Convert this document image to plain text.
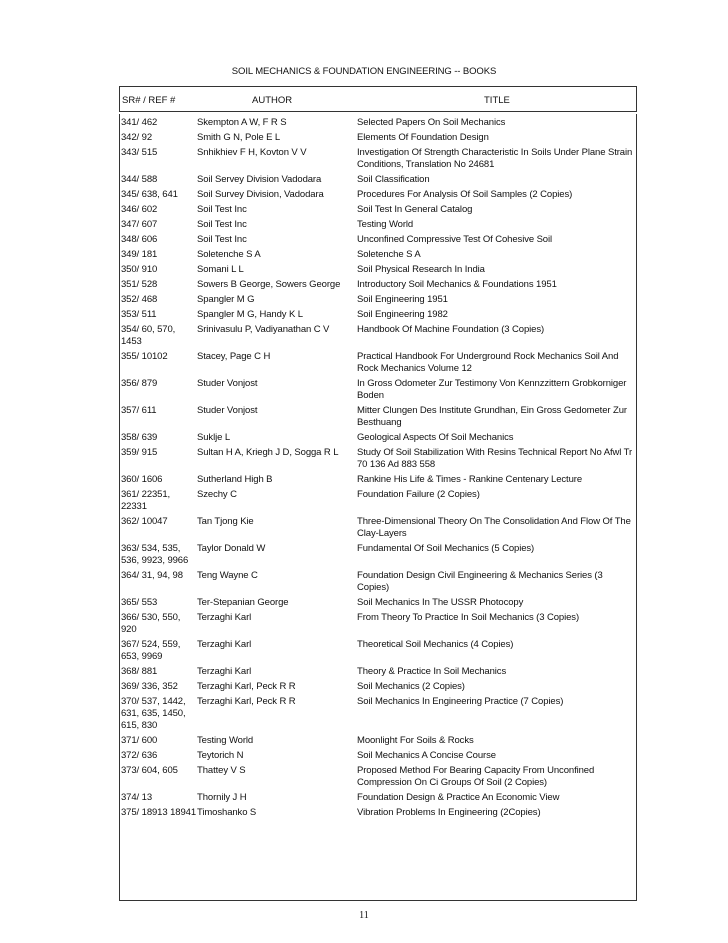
SOIL MECHANICS & FOUNDATION ENGINEERING -- BOOKS
SR# / REF #	AUTHOR	TITLE
341/ 462	Skempton A W, F R S	Selected Papers On Soil Mechanics
342/ 92	Smith G N, Pole E L	Elements Of Foundation Design
343/ 515	Snhikhiev F H, Kovton V V	Investigation Of Strength Characteristic In Soils Under Plane Strain Conditions, Translation No 24681
344/ 588	Soil Servey Division Vadodara	Soil Classification
345/ 638, 641	Soil Survey Division, Vadodara	Procedures For Analysis Of Soil Samples (2 Copies)
346/ 602	Soil Test Inc	Soil Test In General Catalog
347/ 607	Soil Test Inc	Testing World
348/ 606	Soil Test Inc	Unconfined Compressive Test Of Cohesive Soil
349/ 181	Soletenche S A	Soletenche S A
350/ 910	Somani L L	Soil Physical Research In India
351/ 528	Sowers B George, Sowers George	Introductory Soil Mechanics & Foundations 1951
352/ 468	Spangler M G	Soil Engineering 1951
353/ 511	Spangler M G, Handy K L	Soil Engineering 1982
354/ 60, 570, 1453	Srinivasulu P, Vadiyanathan C V	Handbook Of Machine Foundation (3 Copies)
355/ 10102	Stacey, Page C H	Practical Handbook For Underground Rock Mechanics Soil And Rock Mechanics Volume 12
356/ 879	Studer Vonjost	In Gross Odometer Zur Testimony Von Kennzzittern Grobkorniger Boden
357/ 611	Studer Vonjost	Mitter Clungen Des Institute Grundhan, Ein Gross Gedometer Zur Besthuang
358/ 639	Suklje L	Geological Aspects Of Soil Mechanics
359/ 915	Sultan H A, Kriegh J D, Sogga R L	Study Of Soil Stabilization With Resins Technical Report No Afwl Tr 70 136 Ad 883 558
360/ 1606	Sutherland High B	Rankine His Life & Times - Rankine Centenary Lecture
361/ 22351, 22331	Szechy C	Foundation Failure (2 Copies)
362/ 10047	Tan Tjong Kie	Three-Dimensional Theory On The Consolidation And Flow Of The Clay-Layers
363/ 534, 535, 536, 9923, 9966	Taylor Donald W	Fundamental Of Soil Mechanics (5 Copies)
364/ 31, 94, 98	Teng Wayne C	Foundation Design Civil Engineering & Mechanics Series (3 Copies)
365/ 553	Ter-Stepanian George	Soil Mechanics In The USSR Photocopy
366/ 530, 550, 920	Terzaghi Karl	From Theory To Practice In Soil Mechanics (3 Copies)
367/ 524, 559, 653, 9969	Terzaghi Karl	Theoretical Soil Mechanics (4 Copies)
368/ 881	Terzaghi Karl	Theory & Practice In Soil Mechanics
369/ 336, 352	Terzaghi Karl, Peck R R	Soil Mechanics (2 Copies)
370/ 537, 1442, 631, 635, 1450, 615, 830	Terzaghi Karl, Peck R R	Soil Mechanics In Engineering Practice (7 Copies)
371/ 600	Testing World	Moonlight For Soils & Rocks
372/ 636	Teytorich N	Soil Mechanics A Concise Course
373/ 604, 605	Thattey V S	Proposed Method For Bearing Capacity From Unconfined Compression On Ci Groups Of Soil (2 Copies)
374/ 13	Thornily J H	Foundation Design & Practice An Economic View
375/ 18913 18941	Timoshanko S	Vibration Problems In Engineering (2Copies)
11
